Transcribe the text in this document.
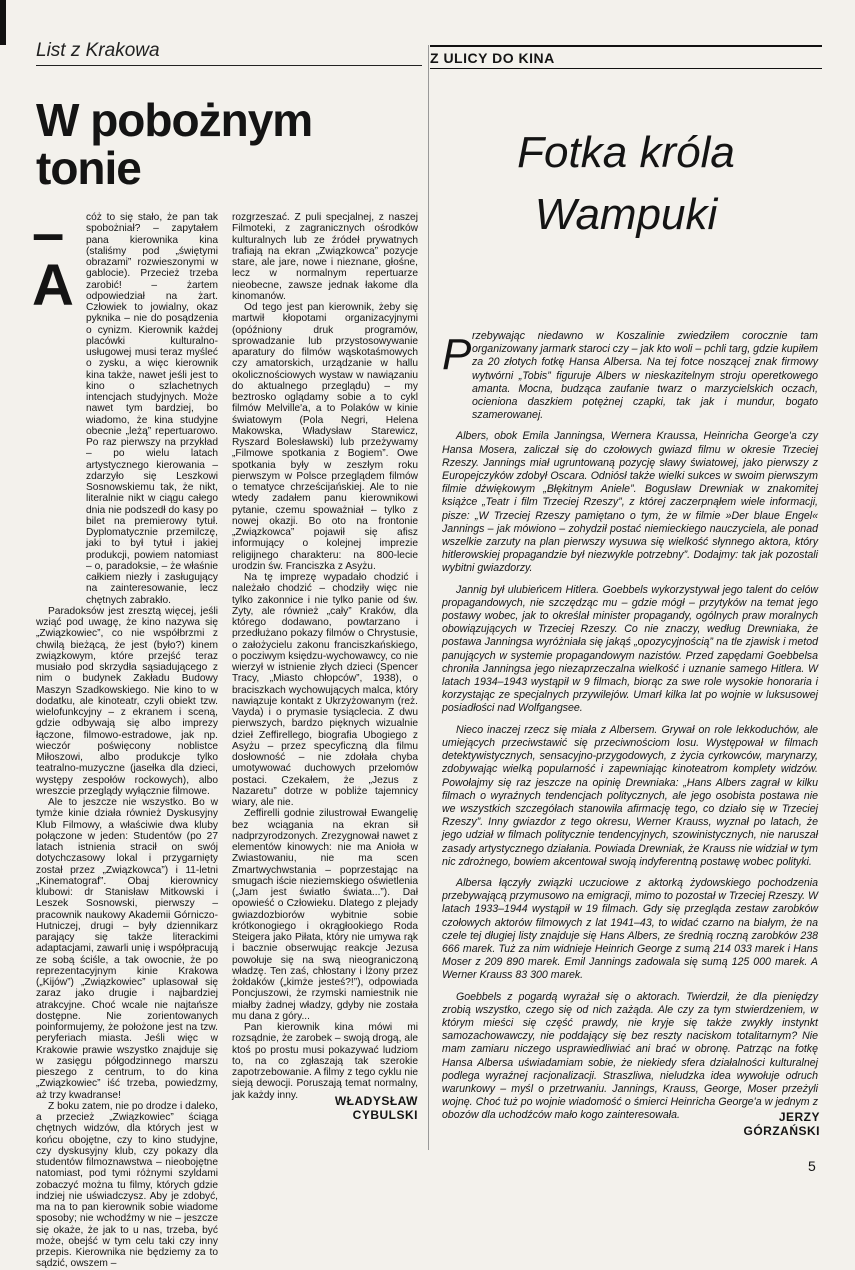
List z Krakowa
W pobożnym tonie
–A

cóż to się stało, że pan tak spobożniał? – zapytałem pana kierownika kina (staliśmy pod „świętymi obrazami” rozwieszonymi w gablocie). Przecież trzeba zarobić! – żartem odpowiedział na żart. Człowiek to jowialny, okaz pyknika – nie do posądzenia o cynizm. Kierownik każdej placówki kulturalno-usługowej musi teraz myśleć o zysku, a więc kierownik kina także, nawet jeśli jest to kino o szlachetnych intencjach studyjnych. Może nawet tym bardziej, bo wiadomo, że kina studyjne obecnie „leżą” repertuarowo. Po raz pierwszy na przykład – po wielu latach artystycznego kierowania – zdarzyło się Leszkowi Sosnowskiemu tak, że nikt, literalnie nikt w ciągu całego dnia nie podszedł do kasy po bilet na premierowy tytuł. Dyplomatycznie przemilczę, jaki to był tytuł i jakiej produkcji, powiem natomiast – o, paradoksie, – że właśnie całkiem niezły i zasługujący na zainteresowanie, lecz chętnych zabrakło.

Paradoksów jest zresztą więcej, jeśli wziąć pod uwagę, że kino nazywa się „Związkowiec”, co nie współbrzmi z chwilą bieżącą, że jest (było?) kinem związkowym, które przejść teraz musiało pod skrzydła sąsiadującego z nim o budynek Zakładu Budowy Maszyn Szadkowskiego. Nie kino to w dodatku, ale kinoteatr, czyli obiekt tzw. wielofunkcyjny – z ekranem i sceną, gdzie odbywają się albo imprezy łączone, filmowo-estradowe, jak np. wieczór poświęcony noblistce Miłoszowi, albo produkcje tylko teatralno-muzyczne (jasełka dla dzieci, występy zespołów rockowych), albo wreszcie przeglądy wyłącznie filmowe.

Ale to jeszcze nie wszystko. Bo w tymże kinie działa również Dyskusyjny Klub Filmowy, a właściwie dwa kluby połączone w jeden: Studentów (po 27 latach istnienia stracił on swój dotychczasowy lokal i przygarnięty został przez „Związkowca”) i 11-letni „Kinematograf”. Obaj kierownicy klubowi: dr Stanisław Mitkowski i Leszek Sosnowski, pierwszy – pracownik naukowy Akademii Górniczo-Hutniczej, drugi – były dziennikarz parający się także literackimi adaptacjami, zawarli unię i współpracują ze sobą ściśle, a tak owocnie, że po reprezentacyjnym kinie Krakowa („Kijów”) „Związkowiec” uplasował się zaraz jako drugie i najbardziej atrakcyjne. Choć wcale nie najtańsze dostępne. Nie zorientowanych poinformujemy, że położone jest na tzw. peryferiach miasta. Jeśli więc w Krakowie prawie wszystko znajduje się w zasięgu półgodzinnego marszu pieszego z centrum, to do kina „Związkowiec” iść trzeba, powiedzmy, aż trzy kwadranse!

Z boku zatem, nie po drodze i daleko, a przecież „Związkowiec” ściąga chętnych widzów, dla których jest w końcu obojętne, czy to kino studyjne, czy dyskusyjny klub, czy pokazy dla studentów filmoznawstwa – nieobojętne natomiast, pod tymi różnymi szyldami zobaczyć można tu filmy, których gdzie indziej nie uświadczysz. Aby je zdobyć, ma na to pan kierownik sobie wiadome sposoby; nie wchodźmy w nie – jeszcze się okaże, że jak to u nas, trzeba, być może, obejść w tym celu taki czy inny przepis. Kierownika nie będziemy za to sądzić, owszem –

rozgrzeszać. Z puli specjalnej, z naszej Filmoteki, z zagranicznych ośrodków kulturalnych lub ze źródeł prywatnych trafiają na ekran „Związkowca” pozycje stare, ale jare, nowe i nieznane, głośne, lecz w normalnym repertuarze nieobecne, zawsze jednak łakome dla kinomanów.

Od tego jest pan kierownik, żeby się martwił kłopotami organizacyjnymi (opóźniony druk programów, sprowadzanie lub przystosowywanie aparatury do filmów wąskotaśmowych czy amatorskich, urządzanie w hallu okolicznościowych wystaw w nawiązaniu do aktualnego przeglądu) – my beztrosko oglądamy sobie a to cykl filmów Melville'a, a to Polaków w kinie światowym (Pola Negri, Helena Makowska, Władysław Starewicz, Ryszard Bolesławski) lub przeżywamy „Filmowe spotkania z Bogiem”. Owe spotkania były w zeszłym roku pierwszym w Polsce przeglądem filmów o tematyce chrześcijańskiej. Ale to nie wtedy zadałem panu kierownikowi pytanie, czemu spoważniał – tylko z nowej okazji. Bo oto na frontonie „Związkowca” pojawił się afisz informujący o kolejnej imprezie religijnego charakteru: na 800-lecie urodzin św. Franciszka z Asyżu.

Na tę imprezę wypadało chodzić i należało chodzić – chodziły więc nie tylko zakonnice i nie tylko panie od św. Zyty, ale również „cały” Kraków, dla którego dodawano, powtarzano i przedłużano pokazy filmów o Chrystusie, o założycielu zakonu franciszkańskiego, o pocziwym księdzu-wychowawcy, co nie wierzył w istnienie złych dzieci (Spencer Tracy, „Miasto chłopców”, 1938), o braciszkach wychowujących malca, który nawiązuje kontakt z Ukrzyżowanym (reż. Vayda) i o prymasie tysiąclecia. Z dwu pierwszych, bardzo pięknych wizualnie dzieł Zeffirellego, biografia Ubogiego z Asyżu – przez specyficzną dla filmu dosłowność – nie zdołała chyba umotywować duchowych przełomów postaci. Czekałem, że „Jezus z Nazaretu” dotrze w pobliże tajemnicy wiary, ale nie.

Zeffirelli godnie zilustrował Ewangelię bez wciągania na ekran sił nadprzyrodzonych. Zrezygnował nawet z elementów kinowych: nie ma Anioła w Zwiastowaniu, nie ma scen Zmartwychwstania – poprzestając na smugach iście nieziemskiego oświetlenia („Jam jest światło świata...”). Dał opowieść o Człowieku. Dlatego z plejady gwiazdozbiorów wybitnie sobie krótkonogiego i okrągłookiego Roda Steigera jako Piłata, który nie umywa rąk i bacznie obserwując reakcje Jezusa powołuje się na swą nieograniczoną władzę. Ten zaś, chłostany i lżony przez żołdaków („kimże jesteś?!”), odpowiada Poncjuszowi, że rzymski namiestnik nie miałby żadnej władzy, gdyby nie została mu dana z góry...

Pan kierownik kina mówi mi rozsądnie, że zarobek – swoją drogą, ale ktoś po prostu musi pokazywać ludziom to, na co zgłaszają tak szerokie zapotrzebowanie. A filmy z tego cyklu nie sieją dewocji. Poruszają temat normalny, jak każdy inny.	WŁADYSŁAW
CYBULSKI
Z ULICY DO KINA
Fotka króla Wampuki
P rzebywając niedawno w Koszalinie zwiedziłem corocznie tam organizowany jarmark staroci czy – jak kto woli – pchli targ, gdzie kupiłem za 20 złotych fotkę Hansa Albersa. Na tej fotce noszącej znak firmowy wytwórni „Tobis” figuruje Albers w nieskazitelnym stroju operetkowego amanta. Mocna, budząca zaufanie twarz o marzycielskich oczach, ocieniona daszkiem potężnej czapki, tak jak i mundur, bogato szamerowanej.

Albers, obok Emila Janningsa, Wernera Kraussa, Heinricha George'a czy Hansa Mosera, zaliczał się do czołowych gwiazd filmu w okresie Trzeciej Rzeszy. Jannings miał ugruntowaną pozycję sławy światowej, jako pierwszy z Europejczyków zdobył Oscara. Odniósł także wielki sukces w swoim pierwszym filmie dźwiękowym „Błękitnym Aniele”. Bogusław Drewniak w znakomitej książce „Teatr i film Trzeciej Rzeszy”, z której zaczerpnąłem wiele informacji, pisze: „W Trzeciej Rzeszy pamiętano o tym, że w filmie »Der blaue Engel« Jannings – jak mówiono – zohydził postać niemieckiego nauczyciela, ale ponad wszelkie zarzuty na plan pierwszy wysuwa się wielkość słynnego aktora, który hitlerowskiej propagandzie był niezwykle potrzebny”. Dodajmy: tak jak pozostali wybitni gwiazdorzy.

Jannig był ulubieńcem Hitlera. Goebbels wykorzystywał jego talent do celów propagandowych, nie szczędząc mu – gdzie mógł – przytyków na temat jego postawy wobec, jak to określał minister propagandy, ogólnych praw moralnych obowiązujących w Trzeciej Rzeszy. Co nie znaczy, według Drewniaka, że postawa Janningsa wyróżniała się jakąś „opozycyjnością” na tle zjawisk i metod panujących w systemie propagandowym nazistów. Przed zapędami Goebbelsa chroniła Janningsa jego niezaprzeczalna wielkość i uznanie samego Hitlera. W latach 1934–1943 wystąpił w 9 filmach, biorąc za swe role wysokie honoraria i korzystając ze specjalnych przywilejów. Umarł kilka lat po wojnie w luksusowej posiadłości nad Wolfgangsee.

Nieco inaczej rzecz się miała z Albersem. Grywał on role lekkoduchów, ale umiejących przeciwstawić się przeciwnościom losu. Występował w filmach detektywistycznych, sensacyjno-przygodowych, z życia cyrkowców, marynarzy, zdobywając wielką popularność i zapewniając kinoteatrom komplety widzów. Powołajmy się raz jeszcze na opinię Drewniaka: „Hans Albers zagrał w kilku filmach o wyraźnych tendencjach politycznych, ale jego osobista postawa nie we wszystkich szczegółach stanowiła afirmację tego, co działo się w Trzeciej Rzeszy”. Inny gwiazdor z tego okresu, Werner Krauss, wyznał po latach, że jego udział w filmach politycznie tendencyjnych, szowinistycznych, nie naruszał zasady artystycznego działania. Powiada Drewniak, że Krauss nie widział w tym nic zdrożnego, bowiem akcentował swoją indyferentną postawę wobec polityki.

Albersa łączyły związki uczuciowe z aktorką żydowskiego pochodzenia przebywającą przymusowo na emigracji, mimo to pozostał w Trzeciej Rzeszy. W latach 1933–1944 wystąpił w 19 filmach. Gdy się przegląda zestaw zarobków czołowych aktorów filmowych z lat 1941–43, to widać czarno na białym, że na czele tej długiej listy znajduje się Hans Albers, ze średnią roczną zarobków 238 666 marek. Tuż za nim widnieje Heinrich George z sumą 214 033 marek i Hans Moser z 209 890 marek. Emil Jannings zadowala się sumą 125 000 marek. A Werner Krauss 83 300 marek.

Goebbels z pogardą wyrażał się o aktorach. Twierdził, że dla pieniędzy zrobią wszystko, czego się od nich zażąda. Ale czy za tym stwierdzeniem, w którym mieści się część prawdy, nie kryje się także zwykły instynkt samozachowawczy, nie poddający się bez reszty naciskom totalitarnym? Nie mam zamiaru niczego usprawiedliwiać ani brać w obronę. Patrząc na fotkę Hansa Albersa uświadamiam sobie, że niekiedy sfera działalności kulturalnej podlega wyraźnej racjonalizacji. Straszliwa, nieludzka idea wywołuje odruch warunkowy – myśl o przetrwaniu. Jannings, Krauss, George, Moser przeżyli wojnę. Choć tuż po wojnie wiadomość o śmierci Heinricha George'a w jednym z obozów dla uchodźców mało kogo zainteresowała.	JERZY
GÓRZAŃSKI
5
